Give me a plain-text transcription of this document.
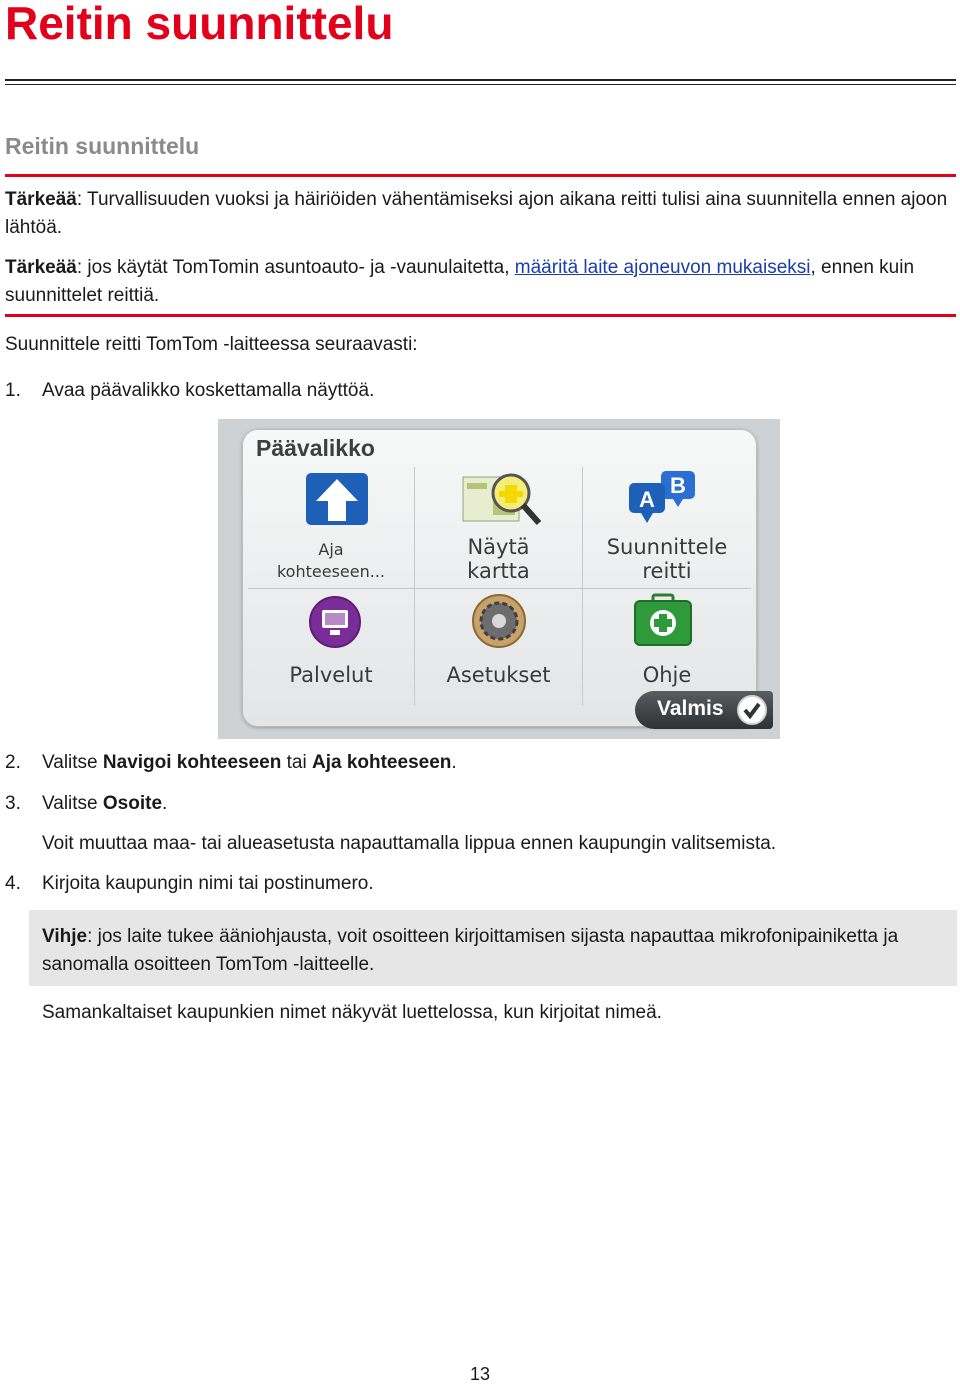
Reitin suunnittelu
Reitin suunnittelu
Tärkeää: Turvallisuuden vuoksi ja häiriöiden vähentämiseksi ajon aikana reitti tulisi aina suunnitella ennen ajoon lähtöä.
Tärkeää: jos käytät TomTomin asuntoauto- ja -vaunulaitetta, määritä laite ajoneuvon mukaiseksi, ennen kuin suunnittelet reittiä.
Suunnittele reitti TomTom -laitteessa seuraavasti:
1. Avaa päävalikko koskettamalla näyttöä.
Päävalikko
Aja
kohteeseen...
Näytä
kartta
B
A
Suunnittele
reitti
Palvelut	Asetukset	Ohje
Valmis
2. Valitse Navigoi kohteeseen tai Aja kohteeseen.
3. Valitse Osoite.
Voit muuttaa maa- tai alueasetusta napauttamalla lippua ennen kaupungin valitsemista.
4. Kirjoita kaupungin nimi tai postinumero.
Vihje: jos laite tukee ääniohjausta, voit osoitteen kirjoittamisen sijasta napauttaa mikrofonipainiketta ja sanomalla osoitteen TomTom -laitteelle.
Samankaltaiset kaupunkien nimet näkyvät luettelossa, kun kirjoitat nimeä.
13
